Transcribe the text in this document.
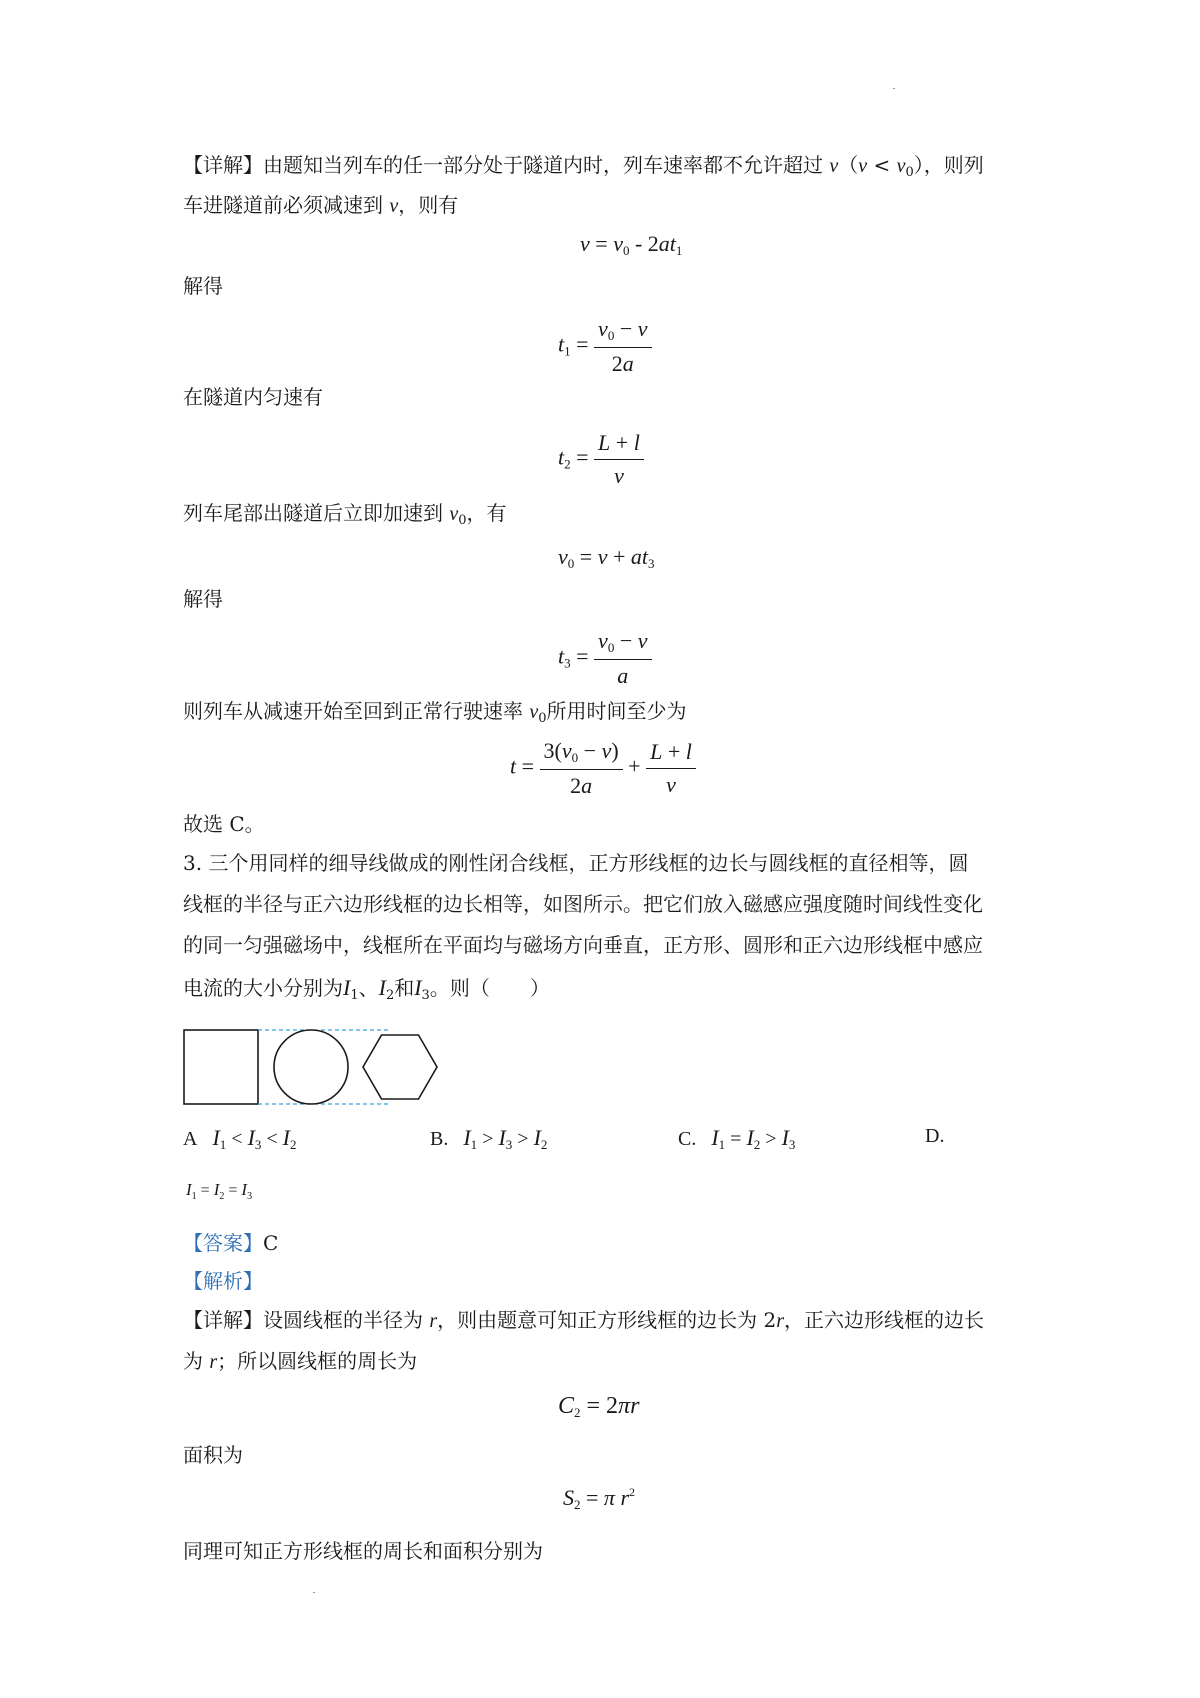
【详解】由题知当列车的任一部分处于隧道内时，列车速率都不允许超过 $v(v < v_0)$，则列
车进隧道前必须减速到 v，则有
$v = v_0 - 2at_1$
解得
$t_1 = \frac{v_0 - v}{2a}$
在隧道内匀速有
$t_2 = \frac{L + l}{v}$
列车尾部出隧道后立即加速到 $v_0$，有
$v_0 = v + at_3$
解得
$t_3 = \frac{v_0 - v}{a}$
则列车从减速开始至回到正常行驶速率 $v_0$所用时间至少为
$t = \frac{3(v_0 - v)}{2a} + \frac{L + l}{v}$
故选 C。
3. 三个用同样的细导线做成的刚性闭合线框，正方形线框的边长与圆线框的直径相等，圆
线框的半径与正六边形线框的边长相等，如图所示。把它们放入磁感应强度随时间线性变化
的同一匀强磁场中，线框所在平面均与磁场方向垂直，正方形、圆形和正六边形线框中感应
电流的大小分别为$I_1$、$I_2$和$I_3$。则（　　）
A $I_1 < I_3 < I_2$	B. $I_1 > I_3 > I_2$	C. $I_1 = I_2 > I_3$	D.
$I_1 = I_2 = I_3$
【答案】C
【解析】
【详解】设圆线框的半径为 r，则由题意可知正方形线框的边长为 2r，正六边形线框的边长
为 r；所以圆线框的周长为
$C_2 = 2\pi r$
面积为
$S_2 = \pi$ $r^2$
同理可知正方形线框的周长和面积分别为
